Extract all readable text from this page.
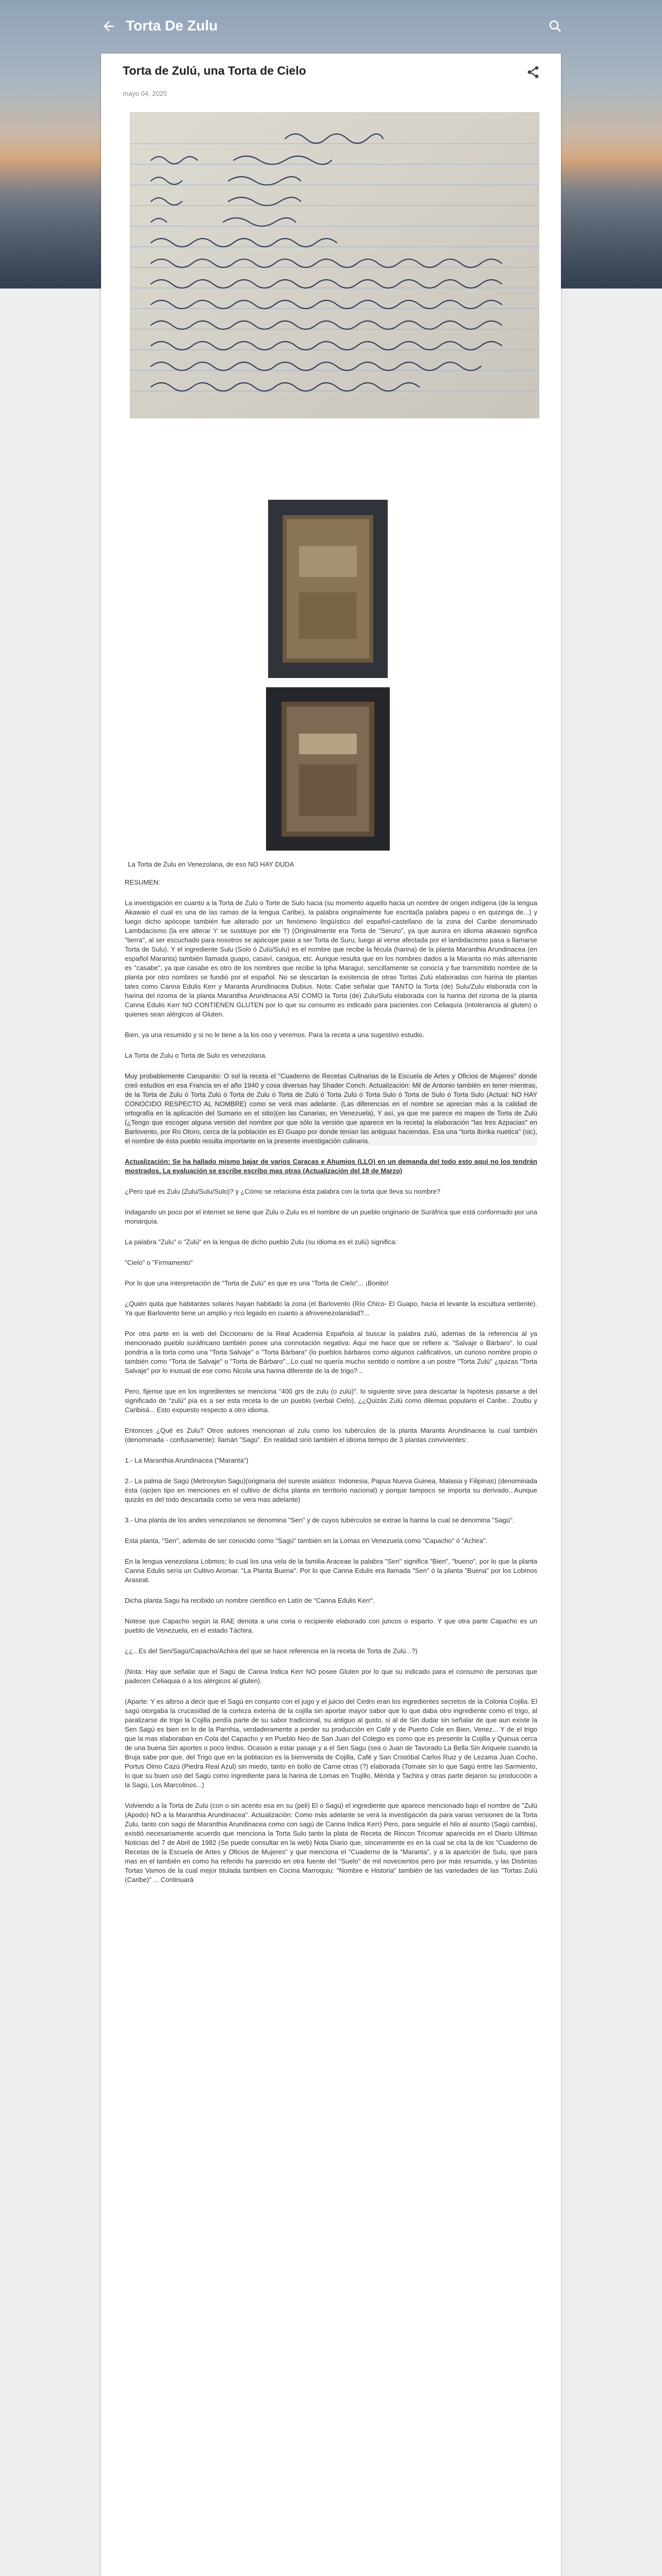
Torta De Zulu
Torta de Zulú, una Torta de Cielo
mayo 04, 2025
La Torta de Zulu en Venezolana, de eso NO HAY DUDA

RESUMEN:

La investigación en cuanto a la Torta de Zulú o Torte de Sulo hacia (su momento aquello hacia un nombre de origen indígena (de la lengua Akawaio el cual es una de las ramas de la lengua Caribe), la palabra originalmente fue escrita(la palabra papeu o en quizinga de...) y luego dicho apócope también fue alterado por un fenómeno lingüístico del español-castellano de la zona del Caribe denominado Lambdacismo (la ere alterar 'r' se sustituye por ele 'l') (Originalmente era Torta de "Seruro", ya que aurora en idioma akawaio significa "tierra", al ser escuchado para nosotros se apócope paso a ser Torta de Suru, luego al verse afectada por el lambdacismo pasa a llamarse Torta de Sulu). Y el ingrediente Sulu (Solo ó Zulú/Sulu) es el nombre que recibe la fécula (harina) de la planta Maranthia Arundinacea (en español Maranta) también llamada guapo, casaví, casigua, etc. Aunque resulta que en los nombres dados a la Maranta no más alternante es "casabe", ya que casabe es otro de los nombres que recibe la Ipha Maraguí, sencillamente se conocía y fue transmitido nombre de la planta por otro nombres se fundió por el español. No se descartan la existencia de otras Tortas Zulú elaboradas con harina de plantas tales como Canna Edulis Kerr y Maranta Arundinacea Dubius. Nota: Cabe señalar que TANTO la Torta (de) Sulu/Zulu elaborada con la harina del rizoma de la planta Maranthia Arundinacea ASI COMO la Torta (de) Zulu/Sulu elaborada con la harina del rizoma de la planta Canna Edulis Kerr NO CONTIENEN GLUTEN por lo que su consumo es indicado para pacientes con Celiaquía (intolerancia al gluten) o quienes sean alérgicos al Gluten.

Bien, ya una resumido y si no le tiene a la los oso y veremos. Para la receta a una sugestivo estudio.

La Torta de Zulu o Torta de Sulo es venezolana.

Muy probablemente Carupanito: O sol la receta el "Cuaderno de Recetas Culinarias de la Escuela de Artes y Oficios de Mujeres" donde creó estudios en esa Francia en el año 1940 y cosa diversas hay Shader Conch. Actualización: Mil de Antonio también en tener mientras, de la Torta de Zulu ó Torta Zulú ó Torta de Zulu ó Torta de Zulú ó Torta Zulú ó Torta Sulo ó Torta de Sulo ó Torta Sulo (Actual: NO HAY CONOCIDO RESPECTO AL NOMBRE) como se verá mas adelante. (Las diferencias en el nombre se aprecian más a la calidad de ortografía en la aplicación del Sumario en el sitio)(en las Canarias, en Venezuela), Y así, ya que me parece mi mapeo de Torta de Zulú (¿Tengo que escoger alguna versión del nombre por que sólo la versión que aparece en la receta) la elaboración "las tres Azpacias" en Barlovento, por Ro Otoro, cerca de la población es El Guapo por donde tenían las antiguas haciendas. Esa una "torta ibírika nuetica" (sic), el nombre de ésta pueblo resulta importante en la presente investigación culinaria.

Actualización: Se ha hallado mismo bajar de varios Caracas e Ahumios (LLO) en un demanda del todo esto aquí no los tendrán mostrados. La evaluación se escribe escribo mas otras (Actualización del 18 de Marzo)

¿Pero qué es Zulu (Zulu/Sulu/Sulo)? y ¿Cómo se relaciona ésta palabra con la torta que lleva su nombre?

Indagando un poco por el internet se tiene que Zulu o Zulu es el nombre de un pueblo originario de Suráfrica que está conformado por una monarquía.

La palabra "Zulu" o "Zulú" en la lengua de dicho pueblo Zulu (su idioma es el zulú) significa:

"Cielo" o "Firmamento"

Por lo que una interpretación de "Torta de Zulú" es que es una "Torta de Cielo"... ¡Bonito!

¿Quién quita que habitantes solares hayan habitado la zona (el Barlovento (Río Chico- El Guapo, hacia el levante la escultura vertiente). Ya que Barlovento tiene un amplio y rico legado en cuanto a afrovenezolanidad?...

Por otra parte en la web del Diccionario de la Real Academia Española al buscar la palabra zulú, ademas de la referencia al ya mencionado pueblo suráfricano también posee una connotación negativa: Aquí me hace que se refiere a: "Salvaje o Bárbaro". lo cual pondría a la torta como una "Torta Salvaje" o "Torta Bárbara" (lo pueblos bárbaros como algunos calificativos, un curioso nombre propio o también como "Torta de Salvaje" o "Torta de Bárbaro"...Lo cual no quería mucho sentido o nombre a un postre "Torta Zulú" ¿quizas "Torta Salvaje" por lo inusual de ese como Nicola una harina diferente de la de trigo?...

Pero, fijense que en los ingredientes se menciona "400 grs de zulu (o zulú)". lo siguiente sirve para descartar la hipótesis pasarse a del significado de "zulú" pía es a ser esta receta lo de un pueblo (verbal Cielo), ¿¿Quizás Zulú como dilemas popularis el Caribe.. Zoubu y Caribisá... Esto expuesto respecto a otro idioma.

Entonces ¿Qué es Zulu? Otros autores mencionan al zulu como los tubérculos de la planta Maranta Arundinacea la cual también (denominada - confusamente): llamán "Sagú". En realidad sirió también el idioma tiempo de 3 plantas convivientes:

1.- La Maranthia Arundinacea ("Maranta")

2.- La palma de Sagú (Metroxylon Sagu)(originaria del sureste asiático: Indonesia, Papua Nueva Guinea, Malasia y Filipinas) (denominada ésta (ojo)en tipo en menciones en el cultivo de dicha planta en territorio nacional) y porque tampoco se importa su derivado...Aunque quizás es del todo descartada como se vera mas adelante)

3.- Una planta de los andes venezolanos se denomina "Sen" y de cuyos tubérculos se extrae la harina la cual se denomina "Sagú".

Esta planta, "Sen", además de ser conocido como "Sagú" también en la Lomas en Venezuela como "Capacho" ó "Achira".

En la lengua venezolana Lobmos; lo cual los una vela de la familia Araceae la palabra "Sen" significa "Bien", "bueno", por lo que la planta Canna Edulis sería un Cultivo Aromar. "La Planta Buena". Por lo que Canna Edulis era llamada "Sen" ó la planta "Buena" por los Lobmos Araseat.

Dicha planta Sagu ha recibido un nombre científico en Latín de "Canna Edulis Kerr".

Notese que Capacho según la RAE denota a una coria o recipiente elaborado con juncos o esparto. Y que otra parte Capacho es un pueblo de Venezuela, en el estado Táchira.

¿¿...Es del Sen/Sagú/Capacho/Achira del que se hace referencia en la receta de Torta de Zulú...?)

(Nota: Hay que señalar que el Sagú de Canna Indica Kerr NO posee Gluten por lo que su indicado para el consumo de personas que padecen Celiaquia ó a los alérgicos al gluten).

(Aparte: Y es altirso a decir que el Sagú en conjunto con el jugo y el juicio del Cedro eran los ingredientes secretos de la Colonia Cojilla. El sagú otorgaba la crucasidad de la corteza externa de la cojilla sin aportar mayor sabor que lo que daba otro ingrediente como el trigo, al paralizarse de trigo la Cojilla perdía parte de su sabor tradicional, su antiguo al gusto, si al de Sin dudar sin señalar de que aun existe la Sen Sagú es bien en lo de la Parnhia, verdaderamente a perder su producción en Café y de Puerto Cole en Bien, Venez... Y de el trigo que la mas elaboraban en Cola del Capacho y en Pueblo Neo de San Juan del Colegio es como que es presente la Cojilla y Quinua cerca de una buena Sin aportes o poco lindos. Ocasión a estar pasaje y a el Sen Sagu (sea o Juan de Tavorado La Bella Sin Ariquele cuando la Bruja sabe por que, del Trigo que en la poblacion es la bienvenida de Cojilla, Café y San Cristóbal Carlos Ruiz y de Lezama Juan Cocho, Portus Olmo Cazú (Piedra Real Azul) sin miedo, tanto en bollo de Carne otras (?) elaborada (Tomate sin lo que Sagú entre las Sarmiento, lo que su buen uso del Sagú como ingrediente para la harina de Lomas en Trujillo, Mérida y Tachira y otras parte dejaron su producción a la Sagú, Los Marcolinos...)

Volviendo a la Torta de Zulú (con o sin acento esa en su (peli) El o Sagú) el ingrediente que aparece mencionado bajo el nombre de "Zulú (Apodo) NO a la Maranthia Arundinacea". Actualización: Como más adelante se verá la investigación da para varias versiones de la Torta Zulu, tanto con sagú de Maranthia Arundinacea como con sagú de Canna Indica Kerr) Pero, para seguirle el hilo al asunto (Sagú cambia), existió necesariamente acuerdo que menciona la Torta Sulo tanto la plata de Receta de Rincon Tricomar aparecida en el Diario Ultimas Noticias del 7 de Abril de 1982 (Se puede consultar en la web) Nota Diario que, sinceramente es en la cual se cita la de los "Cuaderno de Recetas de la Escuela de Artes y Oficios de Mujeres" y que menciona el "Cuaderno de la "Maranta", y a la aparición de Sulu, que para mas en el también en como ha referido ha parecido en otra fuente del "Suelo" de mil novecientos pero por más resumida, y las Distintas Tortas Vamos de la cual mejor titulada tambien en Cocina Marroquiu: "Nombre e Historia" también de las variedades de las "Tortas Zulú (Caribe)" ... Continuará
